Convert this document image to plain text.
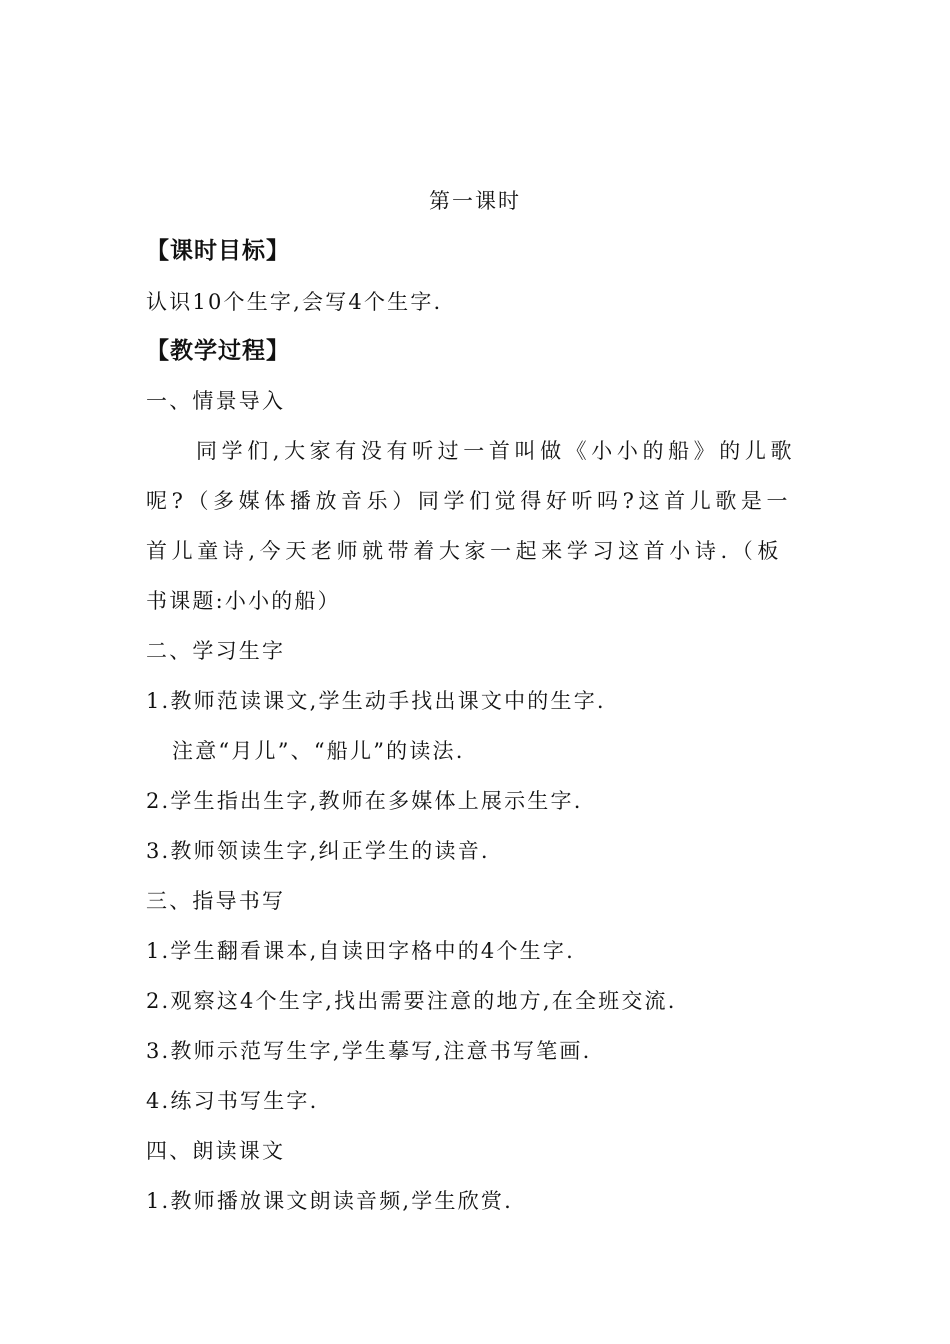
第一课时
【课时目标】
认识10个生字,会写4个生字.
【教学过程】
一、情景导入
同学们,大家有没有听过一首叫做《小小的船》的儿歌
呢?（多媒体播放音乐）同学们觉得好听吗?这首儿歌是一
首儿童诗,今天老师就带着大家一起来学习这首小诗.（板
书课题:小小的船）
二、学习生字
1.教师范读课文,学生动手找出课文中的生字.
注意“月儿”、“船儿”的读法.
2.学生指出生字,教师在多媒体上展示生字.
3.教师领读生字,纠正学生的读音.
三、指导书写
1.学生翻看课本,自读田字格中的4个生字.
2.观察这4个生字,找出需要注意的地方,在全班交流.
3.教师示范写生字,学生摹写,注意书写笔画.
4.练习书写生字.
四、朗读课文
1.教师播放课文朗读音频,学生欣赏.
